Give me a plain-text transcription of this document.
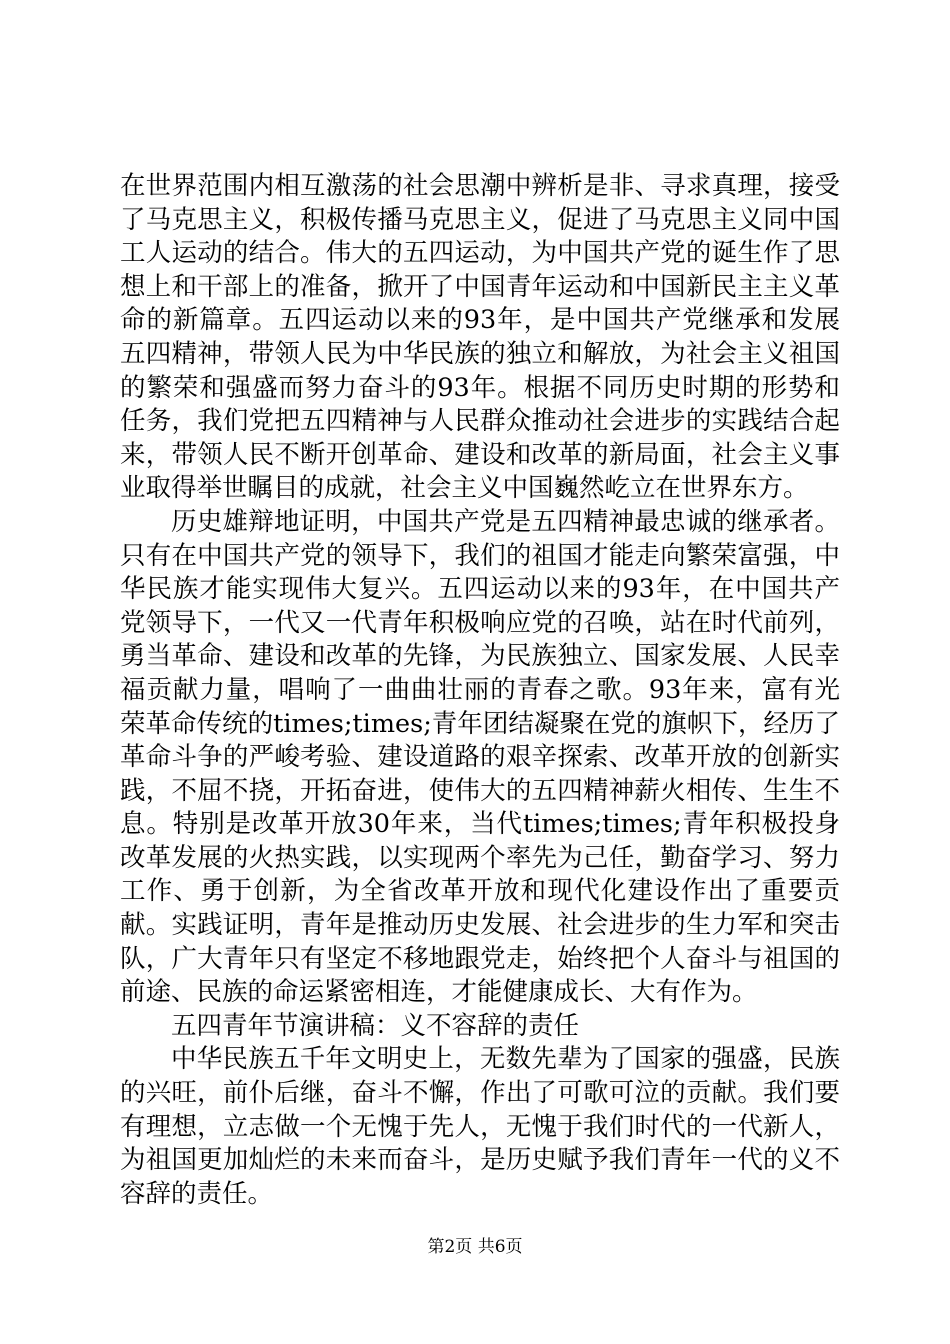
在世界范围内相互激荡的社会思潮中辨析是非、寻求真理，接受了马克思主义，积极传播马克思主义，促进了马克思主义同中国工人运动的结合。伟大的五四运动，为中国共产党的诞生作了思想上和干部上的准备，掀开了中国青年运动和中国新民主主义革命的新篇章。五四运动以来的93年，是中国共产党继承和发展五四精神，带领人民为中华民族的独立和解放，为社会主义祖国的繁荣和强盛而努力奋斗的93年。根据不同历史时期的形势和任务，我们党把五四精神与人民群众推动社会进步的实践结合起来，带领人民不断开创革命、建设和改革的新局面，社会主义事业取得举世瞩目的成就，社会主义中国巍然屹立在世界东方。

历史雄辩地证明，中国共产党是五四精神最忠诚的继承者。只有在中国共产党的领导下，我们的祖国才能走向繁荣富强，中华民族才能实现伟大复兴。五四运动以来的93年，在中国共产党领导下，一代又一代青年积极响应党的召唤，站在时代前列，勇当革命、建设和改革的先锋，为民族独立、国家发展、人民幸福贡献力量，唱响了一曲曲壮丽的青春之歌。93年来，富有光荣革命传统的times;times;青年团结凝聚在党的旗帜下，经历了革命斗争的严峻考验、建设道路的艰辛探索、改革开放的创新实践，不屈不挠，开拓奋进，使伟大的五四精神薪火相传、生生不息。特别是改革开放30年来，当代times;times;青年积极投身改革发展的火热实践，以实现两个率先为己任，勤奋学习、努力工作、勇于创新，为全省改革开放和现代化建设作出了重要贡献。实践证明，青年是推动历史发展、社会进步的生力军和突击队，广大青年只有坚定不移地跟党走，始终把个人奋斗与祖国的前途、民族的命运紧密相连，才能健康成长、大有作为。

五四青年节演讲稿：义不容辞的责任

中华民族五千年文明史上，无数先辈为了国家的强盛，民族的兴旺，前仆后继，奋斗不懈，作出了可歌可泣的贡献。我们要有理想，立志做一个无愧于先人，无愧于我们时代的一代新人，为祖国更加灿烂的未来而奋斗，是历史赋予我们青年一代的义不容辞的责任。

第2页 共6页
